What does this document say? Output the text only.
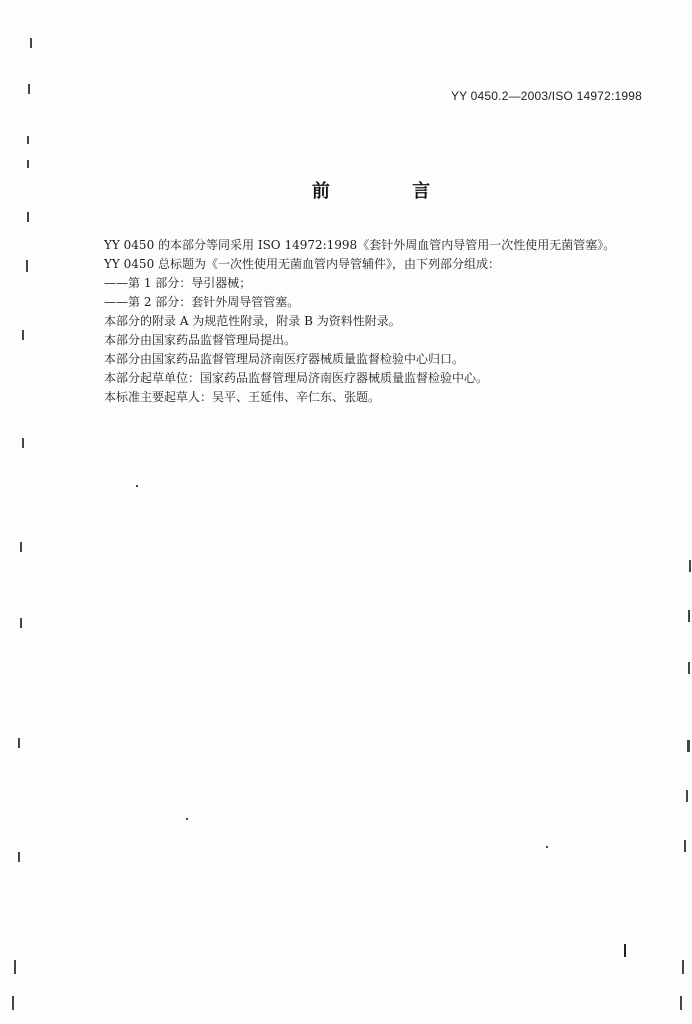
YY 0450.2—2003/ISO 14972:1998
前 言
YY 0450 的本部分等同采用 ISO 14972:1998《套针外周血管内导管用一次性使用无菌管塞》。
YY 0450 总标题为《一次性使用无菌血管内导管辅件》，由下列部分组成：
——第 1 部分：导引器械；
——第 2 部分：套针外周导管管塞。
本部分的附录 A 为规范性附录，附录 B 为资料性附录。
本部分由国家药品监督管理局提出。
本部分由国家药品监督管理局济南医疗器械质量监督检验中心归口。
本部分起草单位：国家药品监督管理局济南医疗器械质量监督检验中心。
本标准主要起草人：吴平、王延伟、辛仁东、张题。
